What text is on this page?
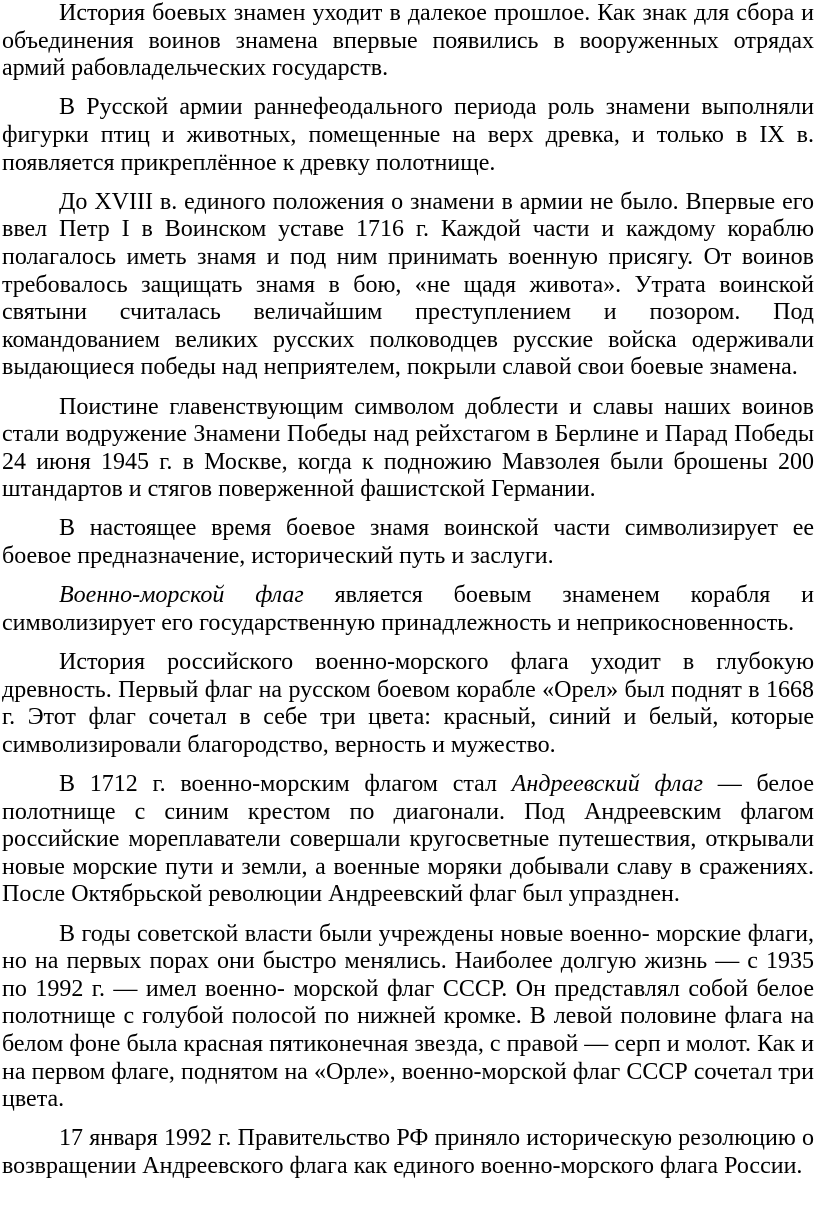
История боевых знамен уходит в далекое прошлое. Как знак для сбора и объединения воинов знамена впервые появились в вооруженных отрядах армий рабовладельческих государств.

В Русской армии раннефеодального периода роль знамени выполняли фигурки птиц и животных, помещенные на верх древка, и только в IX в. появляется прикреплённое к древку полотнище.

До XVIII в. единого положения о знамени в армии не было. Впервые его ввел Петр I в Воинском уставе 1716 г. Каждой части и каждому кораблю полагалось иметь знамя и под ним принимать военную присягу. От воинов требовалось защищать знамя в бою, «не щадя живота». Утрата воинской святыни считалась величайшим преступлением и позором. Под командованием великих русских полководцев русские войска одерживали выдающиеся победы над неприятелем, покрыли славой свои боевые знамена.

Поистине главенствующим символом доблести и славы наших воинов стали водружение Знамени Победы над рейхстагом в Берлине и Парад Победы 24 июня 1945 г. в Москве, когда к подножию Мавзолея были брошены 200 штандартов и стягов поверженной фашистской Германии.

В настоящее время боевое знамя воинской части символизирует ее боевое предназначение, исторический путь и заслуги.

Военно-морской флаг является боевым знаменем корабля и символизирует его государственную принадлежность и неприкосновенность.

История российского военно-морского флага уходит в глубокую древность. Первый флаг на русском боевом корабле «Орел» был поднят в 1668 г. Этот флаг сочетал в себе три цвета: красный, синий и белый, которые символизировали благородство, верность и мужество.

В 1712 г. военно-морским флагом стал Андреевский флаг — белое полотнище с синим крестом по диагонали. Под Андреевским флагом российские мореплаватели совершали кругосветные путешествия, открывали новые морские пути и земли, а военные моряки добывали славу в сражениях. После Октябрьской революции Андреевский флаг был упразднен.

В годы советской власти были учреждены новые военно- морские флаги, но на первых порах они быстро менялись. Наиболее долгую жизнь — с 1935 по 1992 г. — имел военно- морской флаг СССР. Он представлял собой белое полотнище с голубой полосой по нижней кромке. В левой половине флага на белом фоне была красная пятиконечная звезда, с правой — серп и молот. Как и на первом флаге, поднятом на «Орле», военно-морской флаг СССР сочетал три цвета.

17 января 1992 г. Правительство РФ приняло историческую резолюцию о возвращении Андреевского флага как единого военно-морского флага России.
